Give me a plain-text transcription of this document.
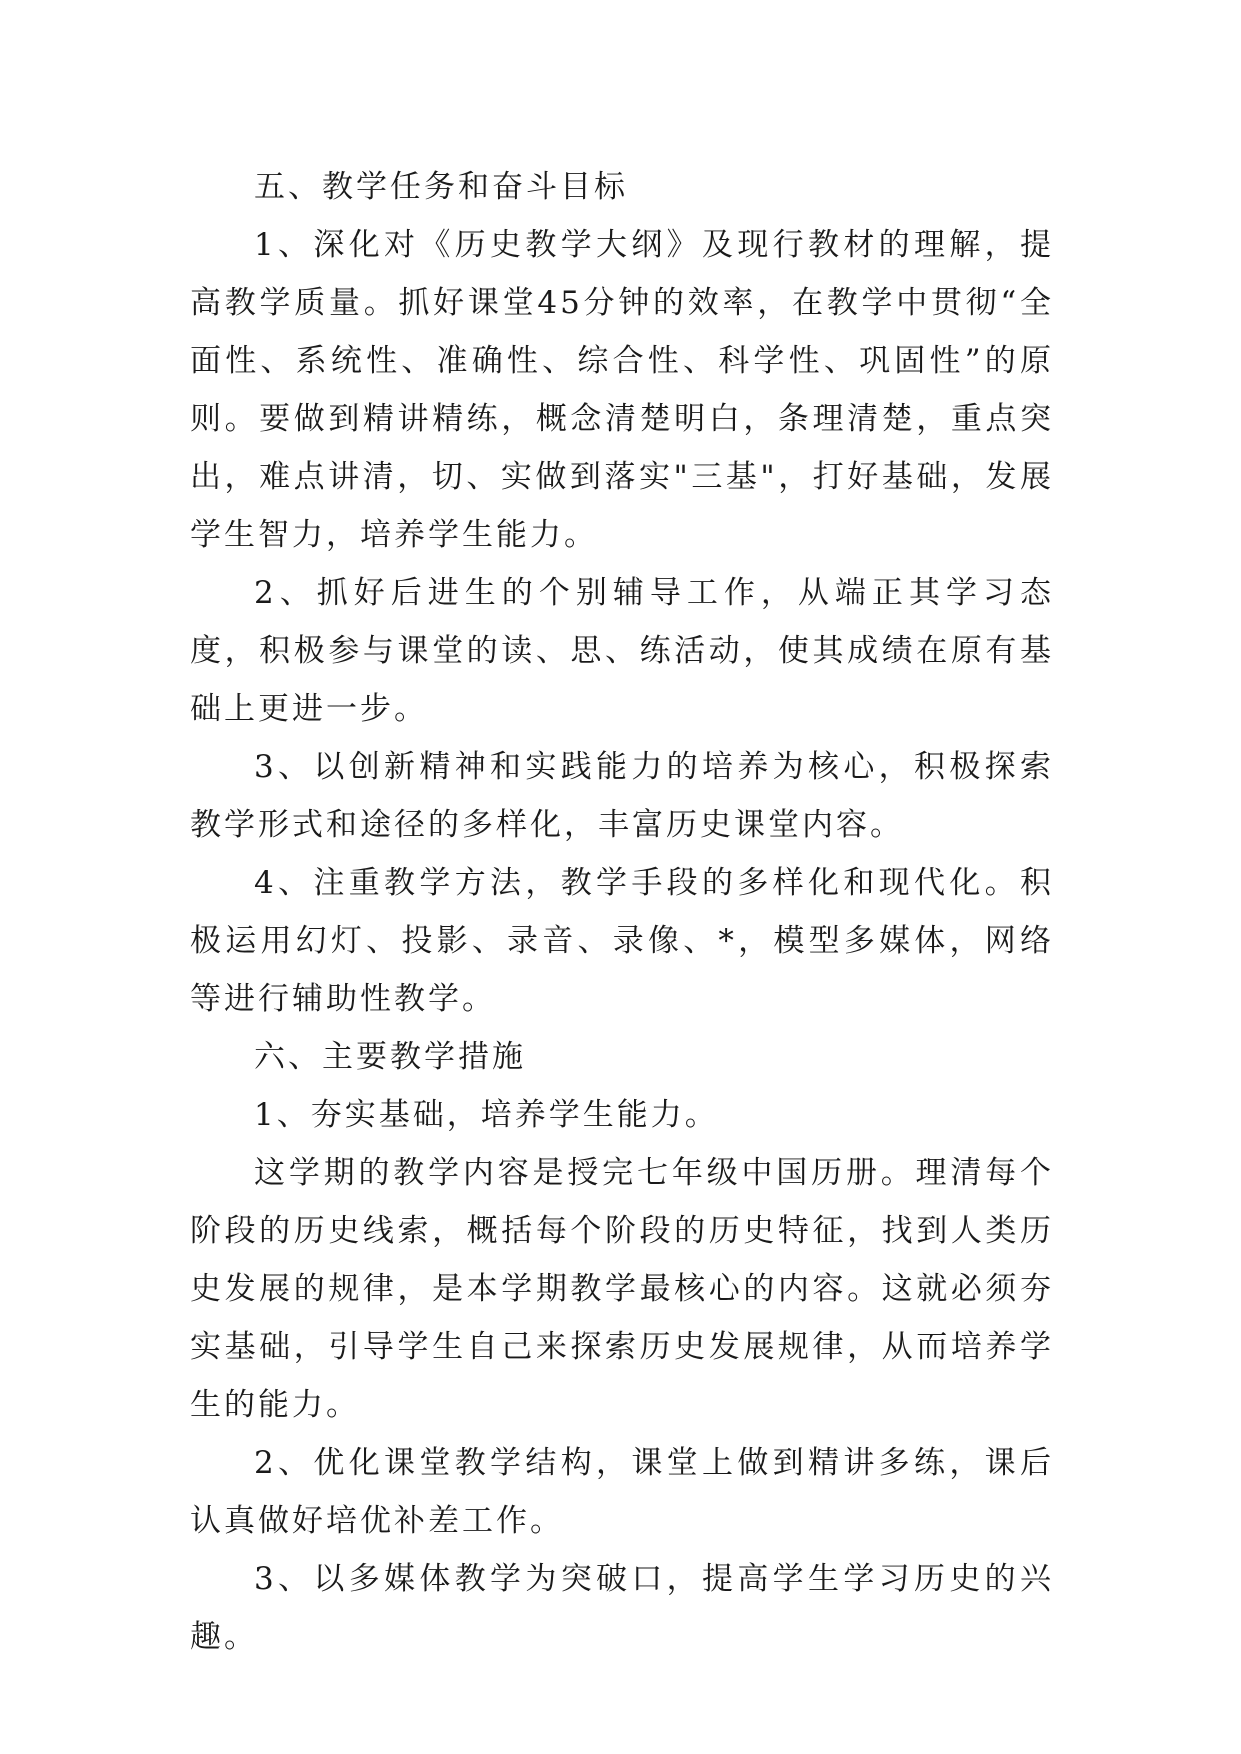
五、教学任务和奋斗目标

1、深化对《历史教学大纲》及现行教材的理解，提高教学质量。抓好课堂45分钟的效率，在教学中贯彻“全面性、系统性、准确性、综合性、科学性、巩固性”的原则。要做到精讲精练，概念清楚明白，条理清楚，重点突出，难点讲清，切、实做到落实"三基"，打好基础，发展学生智力，培养学生能力。

2、抓好后进生的个别辅导工作，从端正其学习态度，积极参与课堂的读、思、练活动，使其成绩在原有基础上更进一步。

3、以创新精神和实践能力的培养为核心，积极探索教学形式和途径的多样化，丰富历史课堂内容。

4、注重教学方法，教学手段的多样化和现代化。积极运用幻灯、投影、录音、录像、*，模型多媒体，网络等进行辅助性教学。

六、主要教学措施

1、夯实基础，培养学生能力。

这学期的教学内容是授完七年级中国历册。理清每个阶段的历史线索，概括每个阶段的历史特征，找到人类历史发展的规律，是本学期教学最核心的内容。这就必须夯实基础，引导学生自己来探索历史发展规律，从而培养学生的能力。

2、优化课堂教学结构，课堂上做到精讲多练，课后认真做好培优补差工作。

3、以多媒体教学为突破口，提高学生学习历史的兴趣。
